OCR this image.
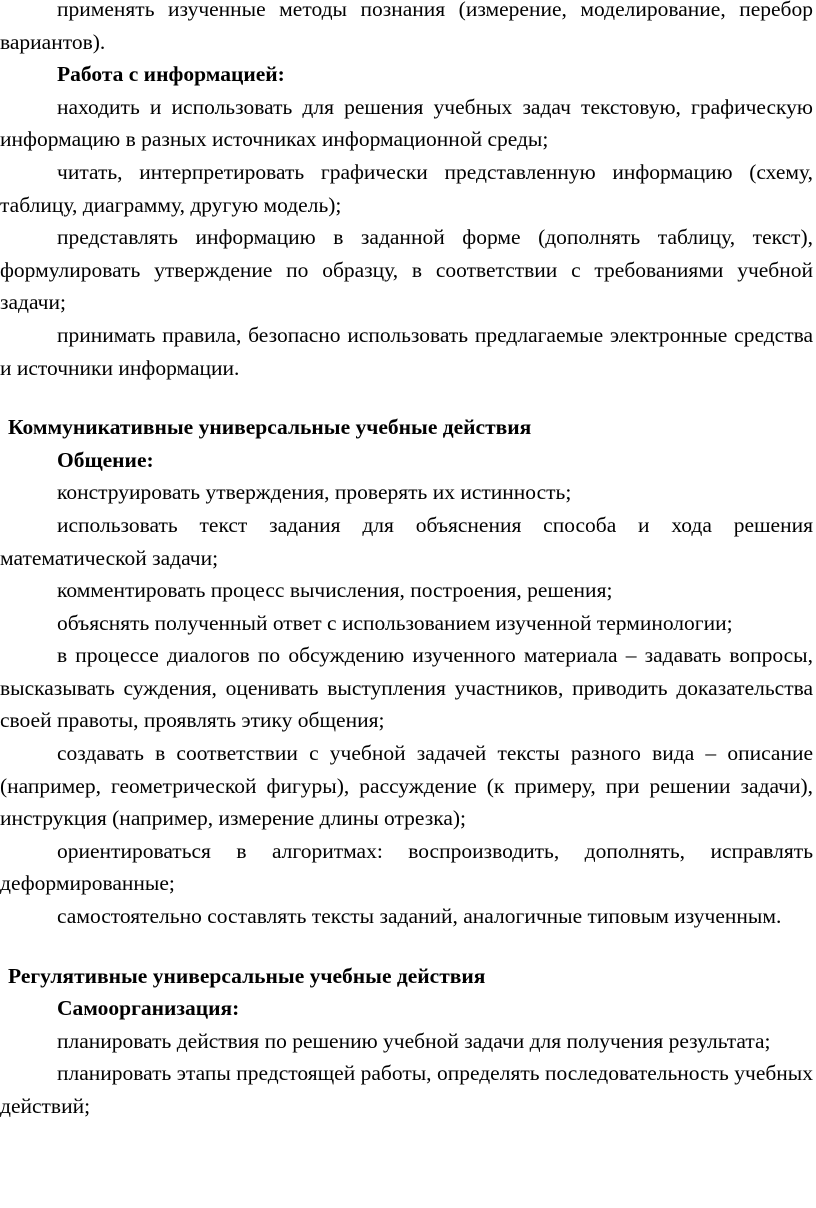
применять изученные методы познания (измерение, моделирование, перебор вариантов).

Работа с информацией:

находить и использовать для решения учебных задач текстовую, графическую информацию в разных источниках информационной среды;

читать, интерпретировать графически представленную информацию (схему, таблицу, диаграмму, другую модель);

представлять информацию в заданной форме (дополнять таблицу, текст), формулировать утверждение по образцу, в соответствии с требованиями учебной задачи;

принимать правила, безопасно использовать предлагаемые электронные средства и источники информации.

Коммуникативные универсальные учебные действия

Общение:

конструировать утверждения, проверять их истинность;

использовать текст задания для объяснения способа и хода решения математической задачи;

комментировать процесс вычисления, построения, решения;

объяснять полученный ответ с использованием изученной терминологии;

в процессе диалогов по обсуждению изученного материала – задавать вопросы, высказывать суждения, оценивать выступления участников, приводить доказательства своей правоты, проявлять этику общения;

создавать в соответствии с учебной задачей тексты разного вида – описание (например, геометрической фигуры), рассуждение (к примеру, при решении задачи), инструкция (например, измерение длины отрезка);

ориентироваться в алгоритмах: воспроизводить, дополнять, исправлять деформированные;

самостоятельно составлять тексты заданий, аналогичные типовым изученным.

Регулятивные универсальные учебные действия

Самоорганизация:

планировать действия по решению учебной задачи для получения результата;

планировать этапы предстоящей работы, определять последовательность учебных действий;
